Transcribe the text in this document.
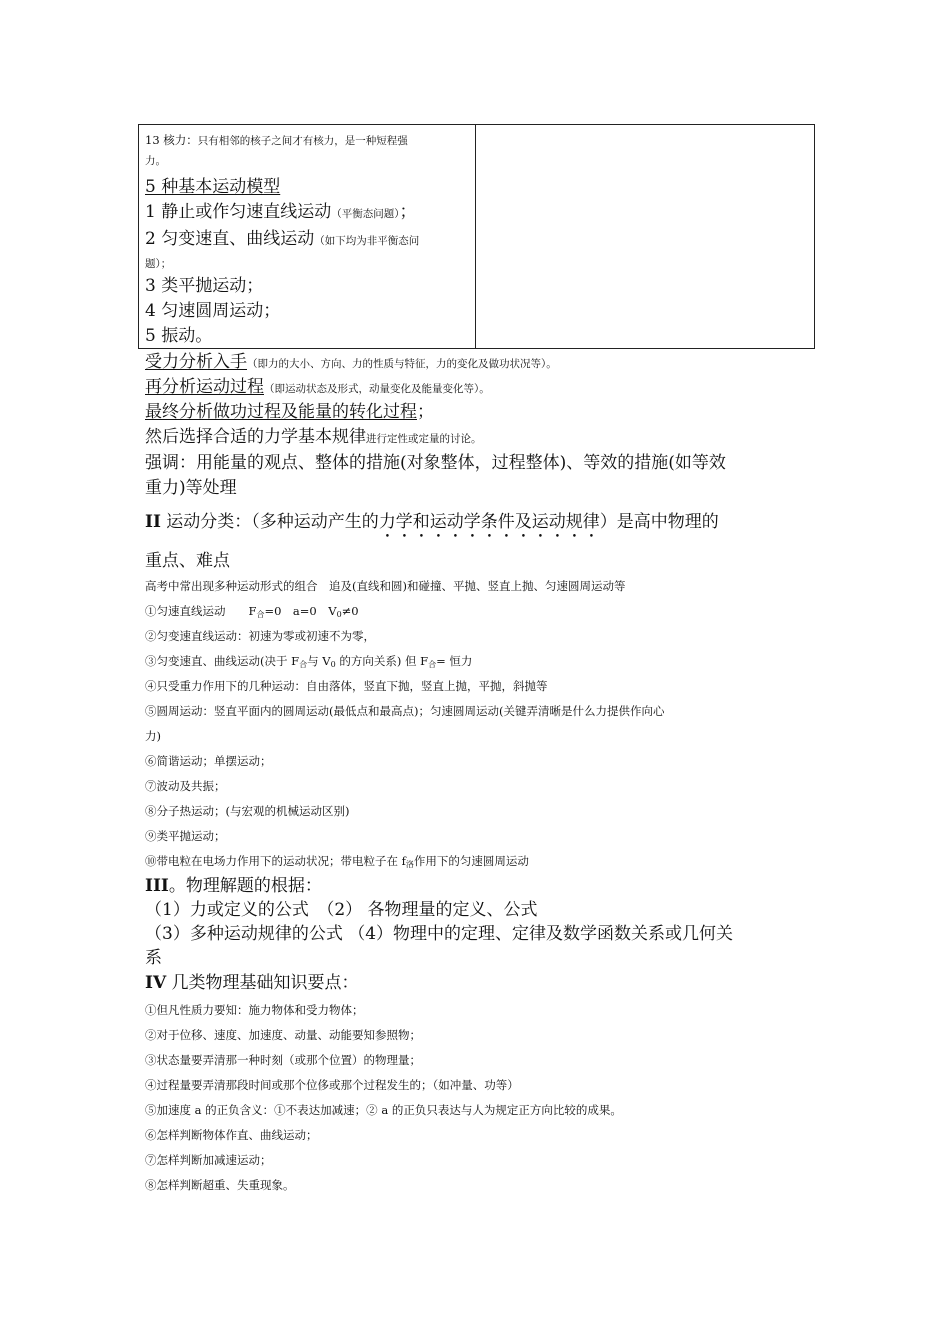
13 核力：只有相邻的核子之间才有核力，是一种短程强
力。
5 种基本运动模型
1 静止或作匀速直线运动（平衡态问题）；
2 匀变速直、曲线运动（如下均为非平衡态问
题）；
3 类平抛运动；
4 匀速圆周运动；
5 振动。
受力分析入手（即力的大小、方向、力的性质与特征，力的变化及做功状况等）。
再分析运动过程（即运动状态及形式，动量变化及能量变化等）。
最终分析做功过程及能量的转化过程；
然后选择合适的力学基本规律进行定性或定量的讨论。
强调：用能量的观点、整体的措施(对象整体，过程整体)、等效的措施(如等效
重力)等处理
II 运动分类：（多种运动产生的力学和运动学条件及运动规律）是高中物理的
重点、难点
高考中常出现多种运动形式的组合　追及(直线和圆)和碰撞、平抛、竖直上抛、匀速圆周运动等
①匀速直线运动　　$F_合=0$　a=0　$V_0\ne 0$
②匀变速直线运动：初速为零或初速不为零，
③匀变速直、曲线运动(决于 $F_合$与 $V_0$ 的方向关系) 但 $F_合=$ 恒力
④只受重力作用下的几种运动：自由落体，竖直下抛，竖直上抛，平抛，斜抛等
⑤圆周运动：竖直平面内的圆周运动(最低点和最高点)；匀速圆周运动(关键弄清晰是什么力提供作向心
力)
⑥简谐运动；单摆运动；
⑦波动及共振；
⑧分子热运动；(与宏观的机械运动区别)
⑨类平抛运动；
⑩带电粒在电场力作用下的运动状况；带电粒子在 $f_洛$作用下的匀速圆周运动
III。物理解题的根据：
（1）力或定义的公式　（2） 各物理量的定义、公式
（3）多种运动规律的公式 （4）物理中的定理、定律及数学函数关系或几何关
系
IV 几类物理基础知识要点：
①但凡性质力要知：施力物体和受力物体；
②对于位移、速度、加速度、动量、动能要知参照物；
③状态量要弄清那一种时刻（或那个位置）的物理量；
④过程量要弄清那段时间或那个位侈或那个过程发生的；（如冲量、功等）
⑤加速度 a 的正负含义：①不表达加减速；② a 的正负只表达与人为规定正方向比较的成果。
⑥怎样判断物体作直、曲线运动；
⑦怎样判断加减速运动；
⑧怎样判断超重、失重现象。
